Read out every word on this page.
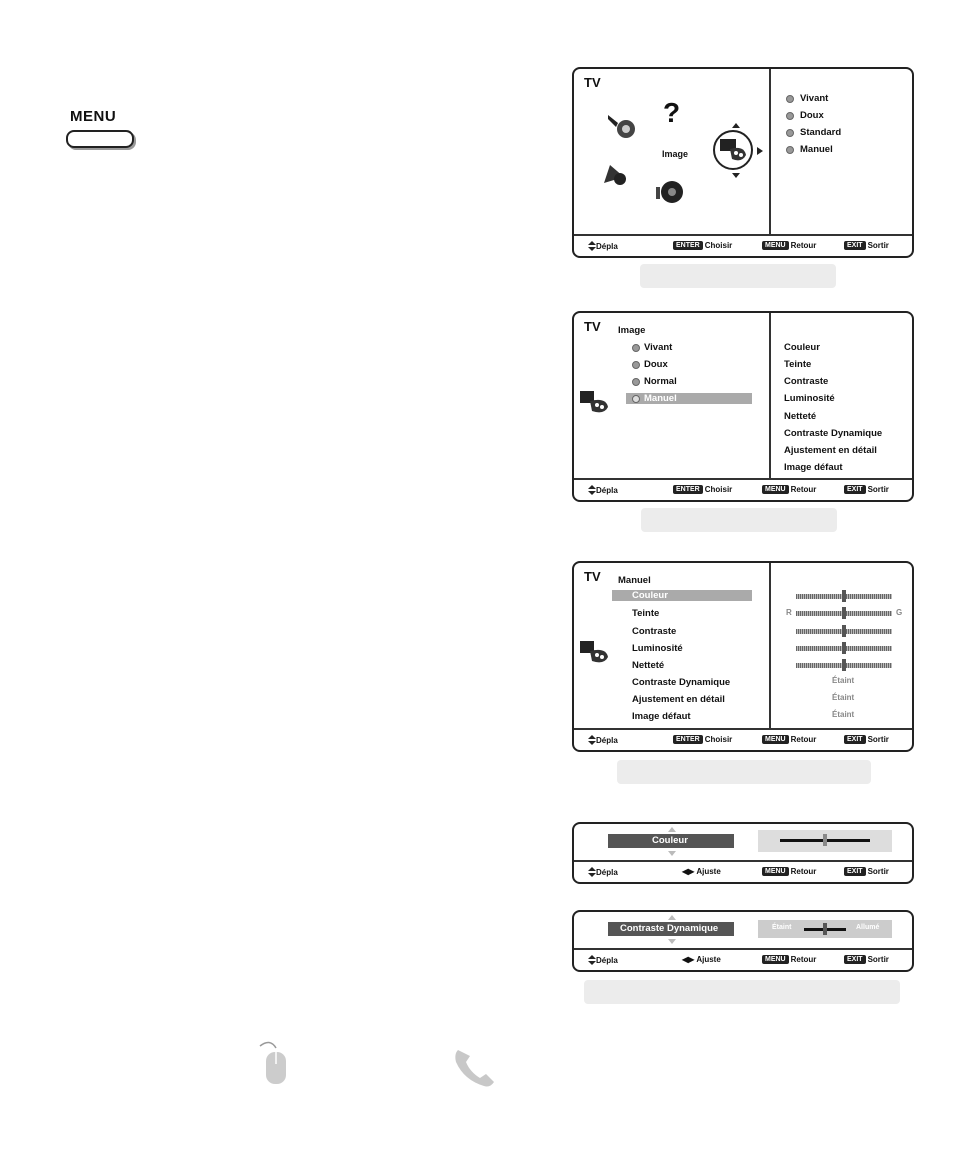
MENU
TV
?
Image
Vivant
Doux
Standard
Manuel
Dépla	ENTER Choisir	MENU Retour	EXIT Sortir
TV Image
Vivant
Doux
Normal
Manuel
Couleur
Teinte
Contraste
Luminosité
Netteté
Contraste Dynamique
Ajustement en détail
Image défaut
Dépla	ENTER Choisir	MENU Retour	EXIT Sortir
TV Manuel
Couleur
Teinte
Contraste
Luminosité
Netteté
Contraste Dynamique
Ajustement en détail
Image défaut
R	G
Étaint
Étaint
Étaint
Dépla	ENTER Choisir	MENU Retour	EXIT Sortir
Couleur
Dépla	◀▶ Ajuste	MENU Retour	EXIT Sortir
Contraste Dynamique	Étaint	Allumé
Dépla	◀▶ Ajuste	MENU Retour	EXIT Sortir
